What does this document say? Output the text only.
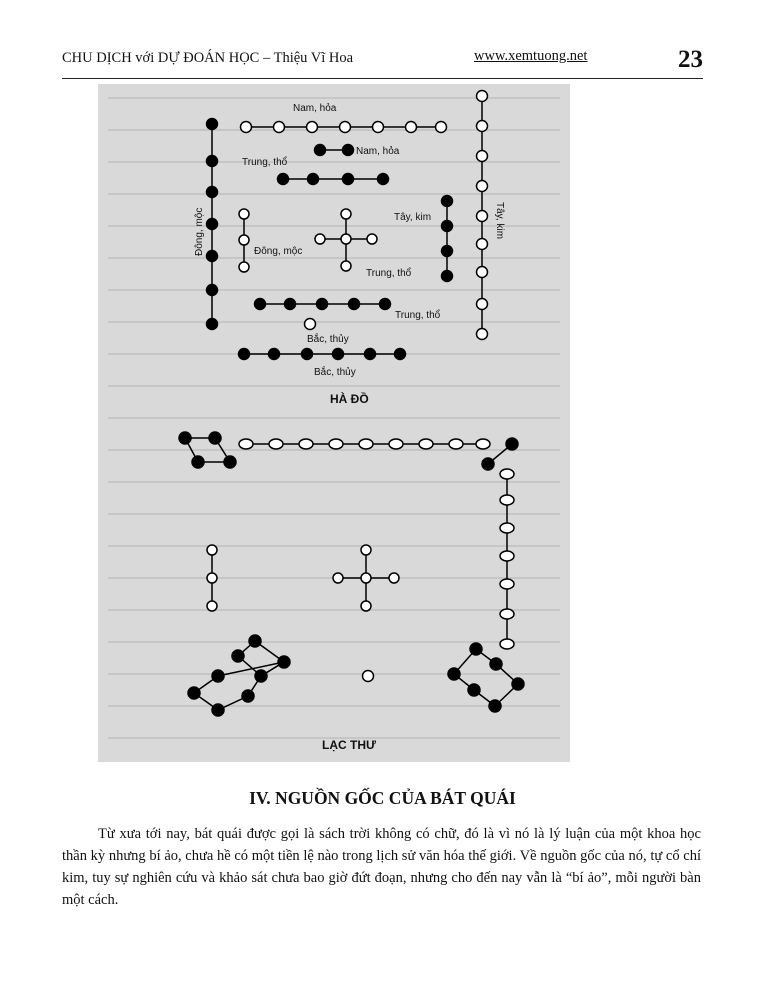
CHU DỊCH với DỰ ĐOÁN HỌC – Thiệu Vĩ Hoa	www.xemtuong.net	23
Nam, hỏa
Nam, hỏa
Trung, thổ
Đông, mộc	Đông, mộc
Tây, kim	Tây, kim
Trung, thổ
Trung, thổ
Bắc, thủy
Bắc, thủy
HÀ ĐỒ
LẠC THƯ
IV. NGUỒN GỐC CỦA BÁT QUÁI
Từ xưa tới nay, bát quái được gọi là sách trời không có chữ, đó là vì nó là lý luận của một khoa học thần kỳ nhưng bí ảo, chưa hề có một tiền lệ nào trong lịch sử văn hóa thế giới. Về nguồn gốc của nó, tự cổ chí kim, tuy sự nghiên cứu và khảo sát chưa bao giờ đứt đoạn, nhưng cho đến nay vẫn là “bí ảo”, mỗi người bàn một cách.
